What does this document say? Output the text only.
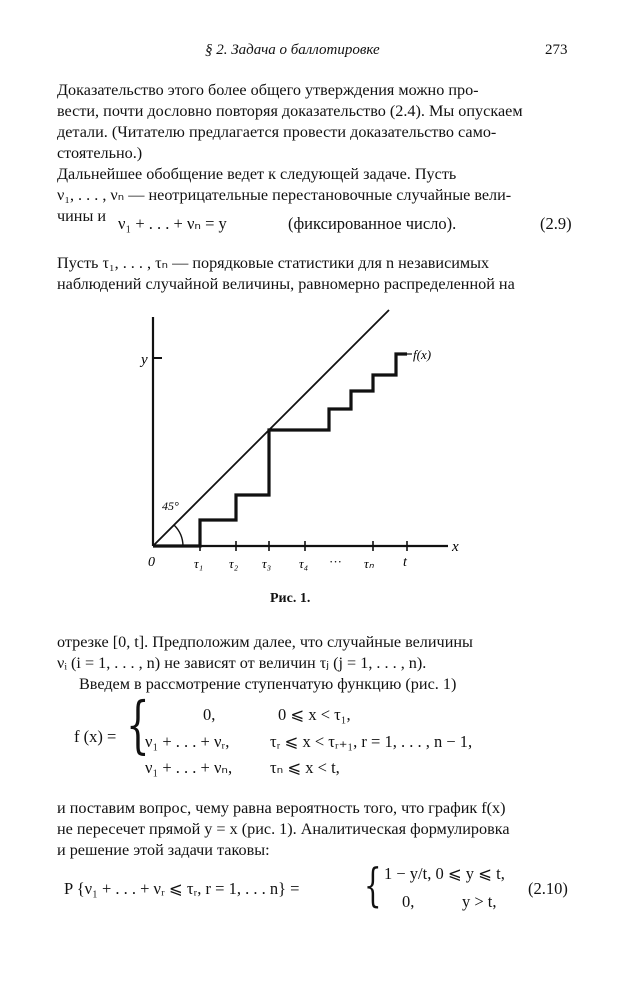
§ 2. Задача о баллотировке	273
Доказательство этого более общего утверждения можно про-
вести, почти дословно повторяя доказательство (2.4). Мы опускаем
детали. (Читателю предлагается провести доказательство само-
стоятельно.)
Дальнейшее обобщение ведет к следующей задаче. Пусть
ν₁, . . . , νₙ — неотрицательные перестановочные случайные вели-
чины и ν₁ + . . . + νₙ = y	(фиксированное число).	(2.9)
Пусть τ₁, . . . , τₙ — порядковые статистики для n независимых
наблюдений случайной величины, равномерно распределенной на
y
x
0
45°
f(x)
τ₁ τ₂ τ₃ τ₄ ··· τₙ t
Рис. 1.
отрезке [0, t]. Предположим далее, что случайные величины
νᵢ (i = 1, . . . , n) не зависят от величин τⱼ (j = 1, . . . , n).
Введем в рассмотрение ступенчатую функцию (рис. 1)
f (x) = {	0,	0 ⩽ x < τ₁,
ν₁ + . . . + νᵣ, τᵣ ⩽ x < τᵣ₊₁, r = 1, . . . , n − 1,
ν₁ + . . . + νₙ, τₙ ⩽ x < t,
и поставим вопрос, чему равна вероятность того, что график f(x)
не пересечет прямой y = x (рис. 1). Аналитическая формулировка
и решение этой задачи таковы:
P {ν₁ + . . . + νᵣ ⩽ τᵣ, r = 1, . . . n} = { 1 − y/t, 0 ⩽ y ⩽ t,
0,	y > t,
(2.10)
